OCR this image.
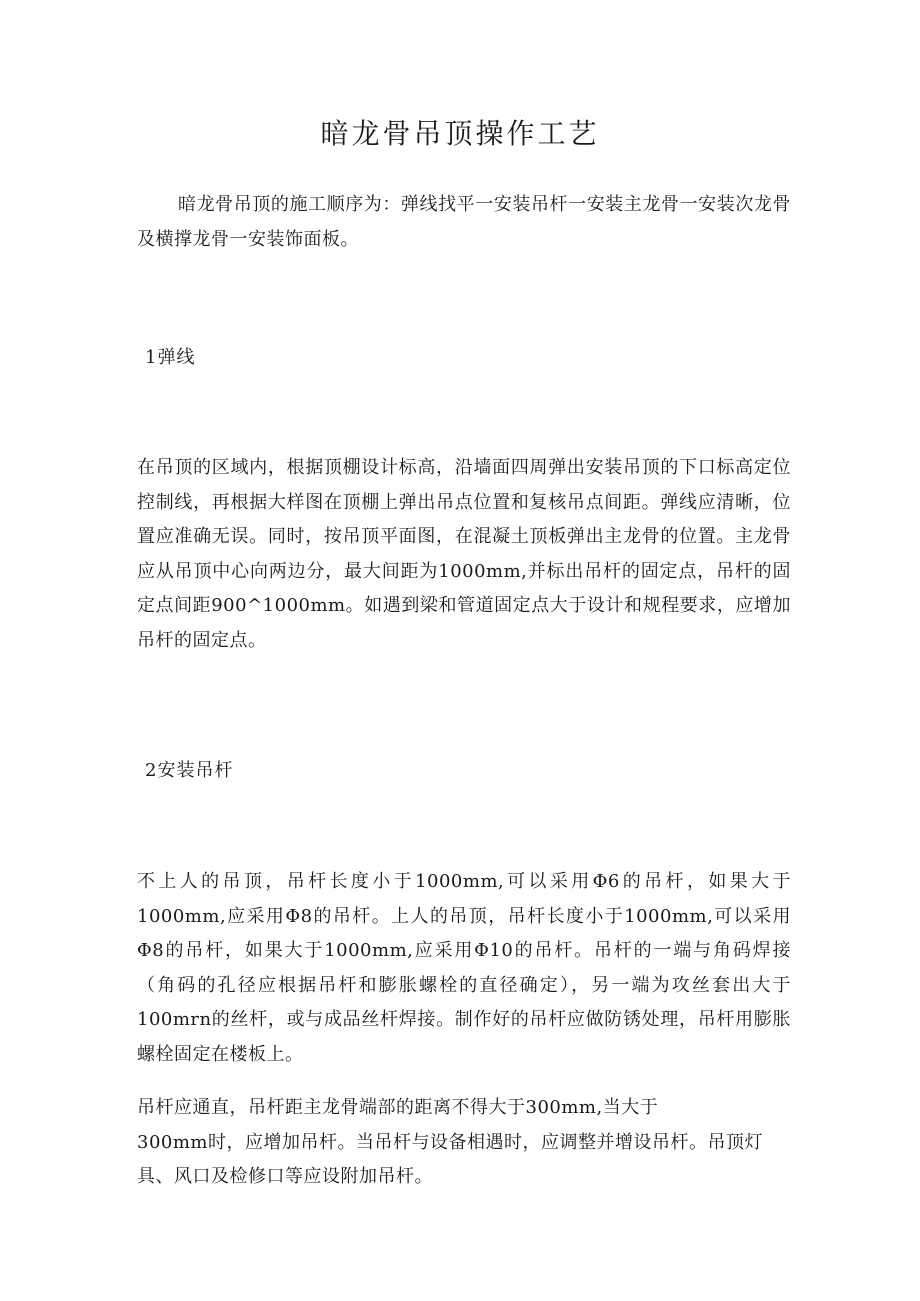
暗龙骨吊顶操作工艺
暗龙骨吊顶的施工顺序为：弹线找平一安装吊杆一安装主龙骨一安装次龙骨及横撑龙骨一安装饰面板。
1弹线
在吊顶的区域内，根据顶棚设计标高，沿墙面四周弹出安装吊顶的下口标高定位控制线，再根据大样图在顶棚上弹出吊点位置和复核吊点间距。弹线应清晰，位置应准确无误。同时，按吊顶平面图，在混凝土顶板弹出主龙骨的位置。主龙骨应从吊顶中心向两边分，最大间距为1000mm,并标出吊杆的固定点，吊杆的固定点间距900^1000mm。如遇到梁和管道固定点大于设计和规程要求，应增加吊杆的固定点。
2安装吊杆
不上人的吊顶，吊杆长度小于1000mm,可以采用Φ6的吊杆，如果大于1000mm,应采用Φ8的吊杆。上人的吊顶，吊杆长度小于1000mm,可以采用Φ8的吊杆，如果大于1000mm,应采用Φ10的吊杆。吊杆的一端与角码焊接（角码的孔径应根据吊杆和膨胀螺栓的直径确定），另一端为攻丝套出大于100mrn的丝杆，或与成品丝杆焊接。制作好的吊杆应做防锈处理，吊杆用膨胀螺栓固定在楼板上。
吊杆应通直，吊杆距主龙骨端部的距离不得大于300mm,当大于
300mm时，应增加吊杆。当吊杆与设备相遇时，应调整并增设吊杆。吊顶灯具、风口及检修口等应设附加吊杆。
